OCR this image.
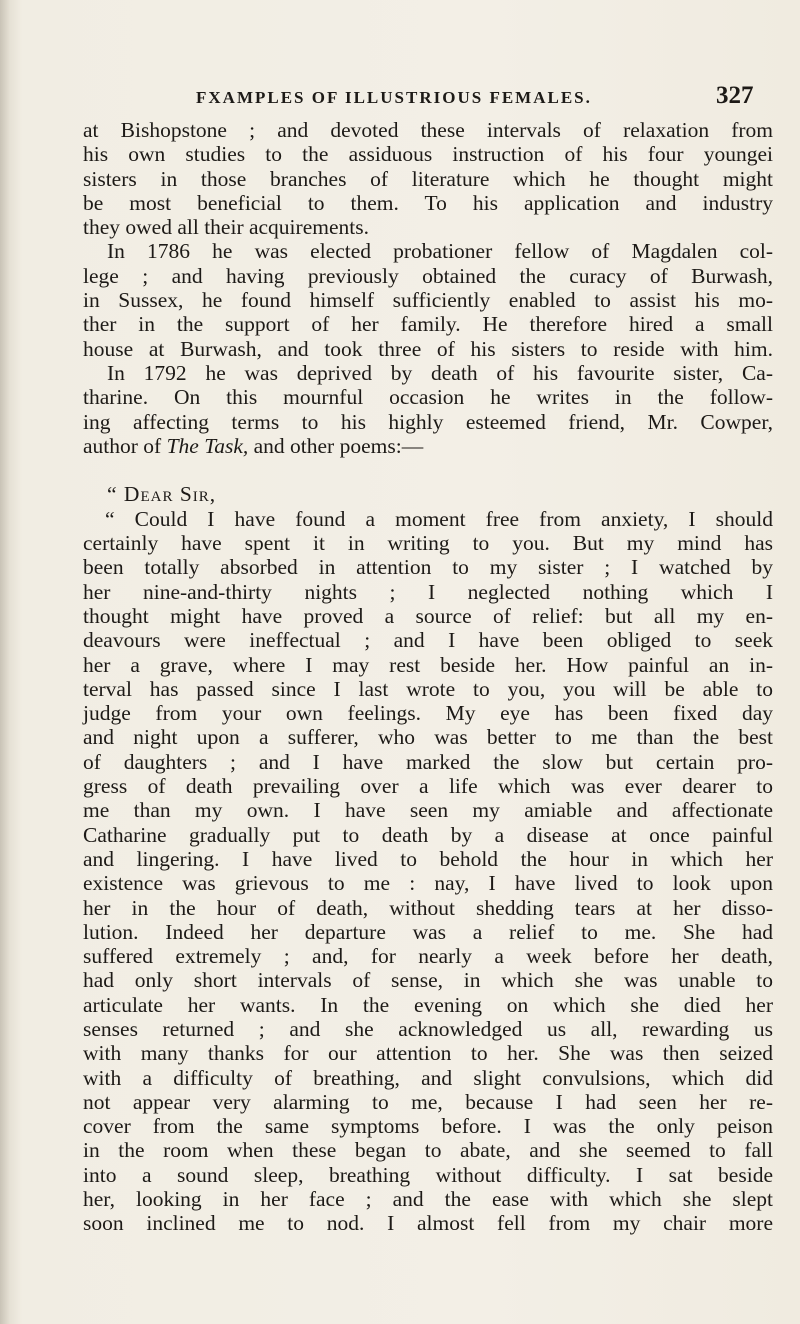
FXAMPLES OF ILLUSTRIOUS FEMALES.	327
at Bishopstone ; and devoted these intervals of relaxation from
his own studies to the assiduous instruction of his four youngei
sisters in those branches of literature which he thought might
be most beneficial to them. To his application and industry
they owed all their acquirements.
In 1786 he was elected probationer fellow of Magdalen col-
lege ; and having previously obtained the curacy of Burwash,
in Sussex, he found himself sufficiently enabled to assist his mo-
ther in the support of her family. He therefore hired a small
house at Burwash, and took three of his sisters to reside with him.
In 1792 he was deprived by death of his favourite sister, Ca-
tharine. On this mournful occasion he writes in the follow-
ing affecting terms to his highly esteemed friend, Mr. Cowper,
author of The Task, and other poems:—
“ Dear Sir,
“ Could I have found a moment free from anxiety, I should
certainly have spent it in writing to you. But my mind has
been totally absorbed in attention to my sister ; I watched by
her nine-and-thirty nights ; I neglected nothing which I
thought might have proved a source of relief: but all my en-
deavours were ineffectual ; and I have been obliged to seek
her a grave, where I may rest beside her. How painful an in-
terval has passed since I last wrote to you, you will be able to
judge from your own feelings. My eye has been fixed day
and night upon a sufferer, who was better to me than the best
of daughters ; and I have marked the slow but certain pro-
gress of death prevailing over a life which was ever dearer to
me than my own. I have seen my amiable and affectionate
Catharine gradually put to death by a disease at once painful
and lingering. I have lived to behold the hour in which her
existence was grievous to me : nay, I have lived to look upon
her in the hour of death, without shedding tears at her disso-
lution. Indeed her departure was a relief to me. She had
suffered extremely ; and, for nearly a week before her death,
had only short intervals of sense, in which she was unable to
articulate her wants. In the evening on which she died her
senses returned ; and she acknowledged us all, rewarding us
with many thanks for our attention to her. She was then seized
with a difficulty of breathing, and slight convulsions, which did
not appear very alarming to me, because I had seen her re-
cover from the same symptoms before. I was the only peison
in the room when these began to abate, and she seemed to fall
into a sound sleep, breathing without difficulty. I sat beside
her, looking in her face ; and the ease with which she slept
soon inclined me to nod. I almost fell from my chair more
